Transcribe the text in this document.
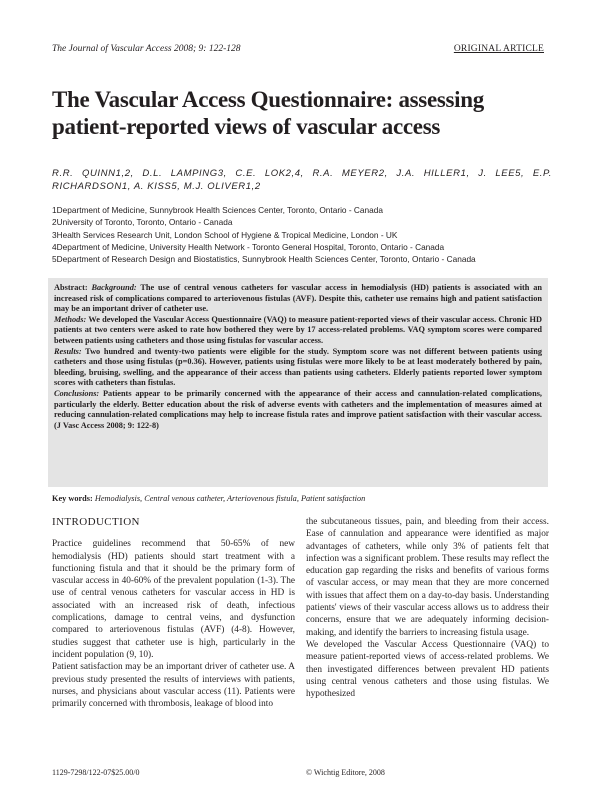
The Journal of Vascular Access 2008; 9: 122-128	ORIGINAL ARTICLE
The Vascular Access Questionnaire: assessing patient-reported views of vascular access
R.R. QUINN1,2, D.L. LAMPING3, C.E. LOK2,4, R.A. MEYER2, J.A. HILLER1, J. LEE5, E.P. RICHARDSON1, A. KISS5, M.J. OLIVER1,2
1Department of Medicine, Sunnybrook Health Sciences Center, Toronto, Ontario - Canada
2University of Toronto, Toronto, Ontario - Canada
3Health Services Research Unit, London School of Hygiene & Tropical Medicine, London - UK
4Department of Medicine, University Health Network - Toronto General Hospital, Toronto, Ontario - Canada
5Department of Research Design and Biostatistics, Sunnybrook Health Sciences Center, Toronto, Ontario - Canada

Abstract: Background: The use of central venous catheters for vascular access in hemodialysis (HD) patients is associated with an increased risk of complications compared to arteriovenous fistulas (AVF). Despite this, catheter use remains high and patient satisfaction may be an important driver of catheter use.

Methods: We developed the Vascular Access Questionnaire (VAQ) to measure patient-reported views of their vascular access. Chronic HD patients at two centers were asked to rate how bothered they were by 17 access-related problems. VAQ symptom scores were compared between patients using catheters and those using fistulas for vascular access.

Results: Two hundred and twenty-two patients were eligible for the study. Symptom score was not different between patients using catheters and those using fistulas (p=0.36). However, patients using fistulas were more likely to be at least moderately bothered by pain, bleeding, bruising, swelling, and the appearance of their access than patients using catheters. Elderly patients reported lower symptom scores with catheters than fistulas.

Conclusions: Patients appear to be primarily concerned with the appearance of their access and cannulation-related complications, particularly the elderly. Better education about the risk of adverse events with catheters and the implementation of measures aimed at reducing cannulation-related complications may help to increase fistula rates and improve patient satisfaction with their vascular access. (J Vasc Access 2008; 9: 122-8)

Key words: Hemodialysis, Central venous catheter, Arteriovenous fistula, Patient satisfaction
INTRODUCTION

Practice guidelines recommend that 50-65% of new hemodialysis (HD) patients should start treatment with a functioning fistula and that it should be the primary form of vascular access in 40-60% of the prevalent population (1-3). The use of central venous catheters for vascular access in HD is associated with an increased risk of death, infectious complications, damage to central veins, and dysfunction compared to arteriovenous fistulas (AVF) (4-8). However, studies suggest that catheter use is high, particularly in the incident population (9, 10).

Patient satisfaction may be an important driver of catheter use. A previous study presented the results of interviews with patients, nurses, and physicians about vascular access (11). Patients were primarily concerned with thrombosis, leakage of blood into

the subcutaneous tissues, pain, and bleeding from their access. Ease of cannulation and appearance were identified as major advantages of catheters, while only 3% of patients felt that infection was a significant problem. These results may reflect the education gap regarding the risks and benefits of various forms of vascular access, or may mean that they are more concerned with issues that affect them on a day-to-day basis. Understanding patients' views of their vascular access allows us to address their concerns, ensure that we are adequately informing decision-making, and identify the barriers to increasing fistula usage.

We developed the Vascular Access Questionnaire (VAQ) to measure patient-reported views of access-related problems. We then investigated differences between prevalent HD patients using central venous catheters and those using fistulas. We hypothesized

1129-7298/122-07$25.00/0	© Wichtig Editore, 2008
